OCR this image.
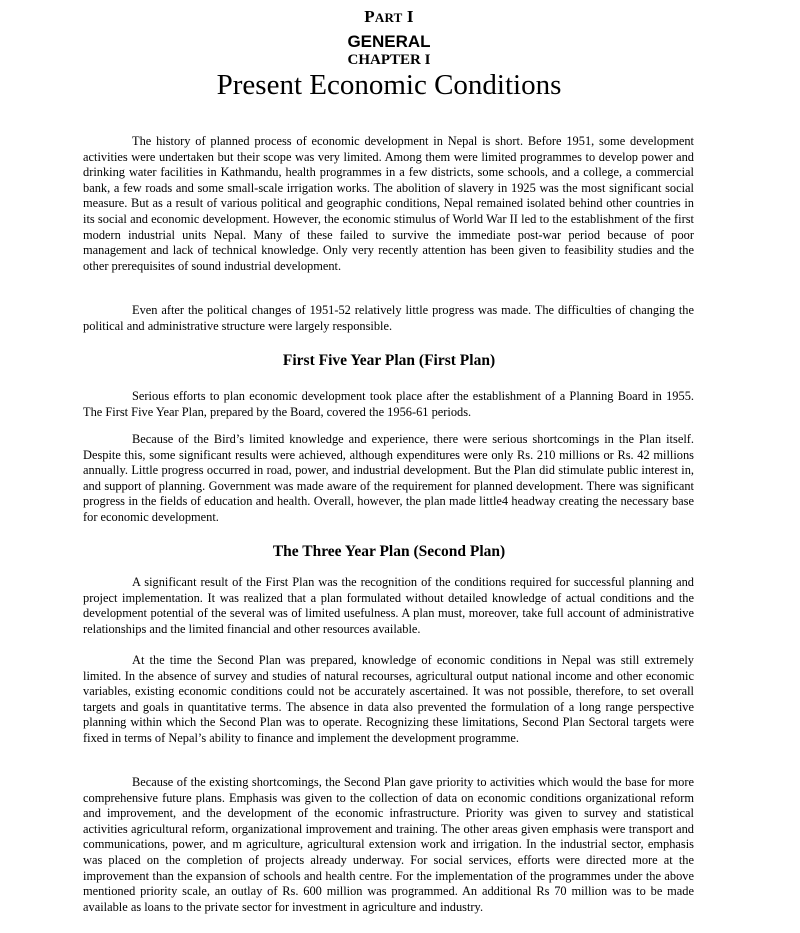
PART I
GENERAL
CHAPTER I
Present Economic Conditions

The history of planned process of economic development in Nepal is short. Before 1951, some development activities were undertaken but their scope was very limited. Among them were limited programmes to develop power and drinking water facilities in Kathmandu, health programmes in a few districts, some schools, and a college, a commercial bank, a few roads and some small-scale irrigation works. The abolition of slavery in 1925 was the most significant social measure. But as a result of various political and geographic conditions, Nepal remained isolated behind other countries in its social and economic development. However, the economic stimulus of World War II led to the establishment of the first modern industrial units Nepal. Many of these failed to survive the immediate post-war period because of poor management and lack of technical knowledge. Only very recently attention has been given to feasibility studies and the other prerequisites of sound industrial development.

Even after the political changes of 1951-52 relatively little progress was made. The difficulties of changing the political and administrative structure were largely responsible.

First Five Year Plan (First Plan)

Serious efforts to plan economic development took place after the establishment of a Planning Board in 1955. The First Five Year Plan, prepared by the Board, covered the 1956-61 periods.

Because of the Bird’s limited knowledge and experience, there were serious shortcomings in the Plan itself. Despite this, some significant results were achieved, although expenditures were only Rs. 210 millions or Rs. 42 millions annually. Little progress occurred in road, power, and industrial development. But the Plan did stimulate public interest in, and support of planning. Government was made aware of the requirement for planned development. There was significant progress in the fields of education and health. Overall, however, the plan made little4 headway creating the necessary base for economic development.

The Three Year Plan (Second Plan)

A significant result of the First Plan was the recognition of the conditions required for successful planning and project implementation. It was realized that a plan formulated without detailed knowledge of actual conditions and the development potential of the several was of limited usefulness. A plan must, moreover, take full account of administrative relationships and the limited financial and other resources available.

At the time the Second Plan was prepared, knowledge of economic conditions in Nepal was still extremely limited. In the absence of survey and studies of natural recourses, agricultural output national income and other economic variables, existing economic conditions could not be accurately ascertained. It was not possible, therefore, to set overall targets and goals in quantitative terms. The absence in data also prevented the formulation of a long range perspective planning within which the Second Plan was to operate. Recognizing these limitations, Second Plan Sectoral targets were fixed in terms of Nepal’s ability to finance and implement the development programme.

Because of the existing shortcomings, the Second Plan gave priority to activities which would the base for more comprehensive future plans. Emphasis was given to the collection of data on economic conditions organizational reform and improvement, and the development of the economic infrastructure. Priority was given to survey and statistical activities agricultural reform, organizational improvement and training. The other areas given emphasis were transport and communications, power, and m agriculture, agricultural extension work and irrigation. In the industrial sector, emphasis was placed on the completion of projects already underway. For social services, efforts were directed more at the improvement than the expansion of schools and health centre. For the implementation of the programmes under the above mentioned priority scale, an outlay of Rs. 600 million was programmed. An additional Rs 70 million was to be made available as loans to the private sector for investment in agriculture and industry.
